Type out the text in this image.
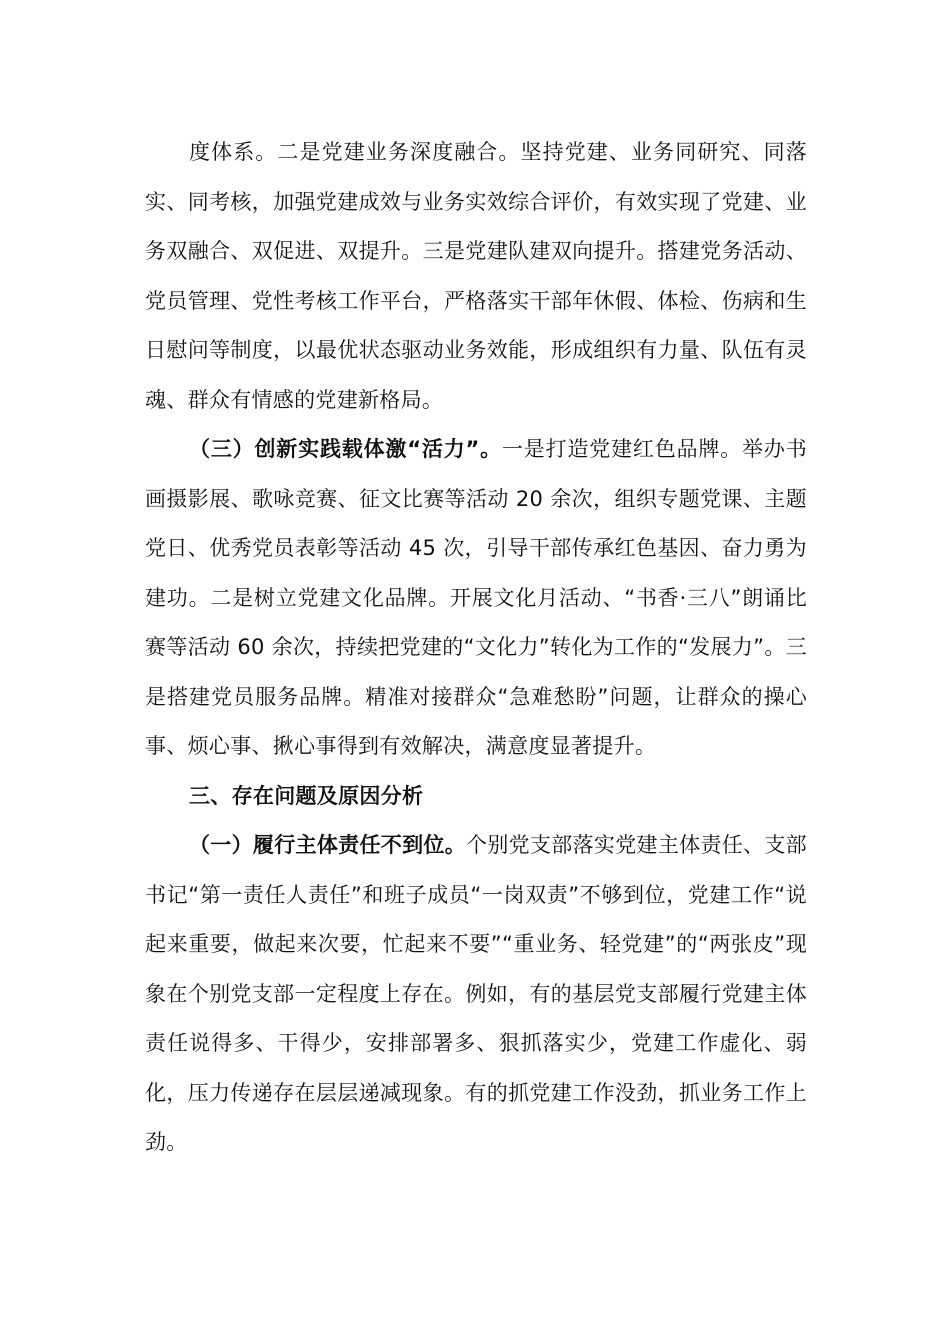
度体系。二是党建业务深度融合。坚持党建、业务同研究、同落实、同考核，加强党建成效与业务实效综合评价，有效实现了党建、业务双融合、双促进、双提升。三是党建队建双向提升。搭建党务活动、党员管理、党性考核工作平台，严格落实干部年休假、体检、伤病和生日慰问等制度，以最优状态驱动业务效能，形成组织有力量、队伍有灵魂、群众有情感的党建新格局。

（三）创新实践载体激“活力”。一是打造党建红色品牌。举办书画摄影展、歌咏竞赛、征文比赛等活动 20 余次，组织专题党课、主题党日、优秀党员表彰等活动 45 次，引导干部传承红色基因、奋力勇为建功。二是树立党建文化品牌。开展文化月活动、“书香·三八”朗诵比赛等活动 60 余次，持续把党建的“文化力”转化为工作的“发展力”。三是搭建党员服务品牌。精准对接群众“急难愁盼”问题，让群众的操心事、烦心事、揪心事得到有效解决，满意度显著提升。

三、存在问题及原因分析

（一）履行主体责任不到位。个别党支部落实党建主体责任、支部书记“第一责任人责任”和班子成员“一岗双责”不够到位，党建工作“说起来重要，做起来次要，忙起来不要”“重业务、轻党建”的“两张皮”现象在个别党支部一定程度上存在。例如，有的基层党支部履行党建主体责任说得多、干得少，安排部署多、狠抓落实少，党建工作虚化、弱化，压力传递存在层层递减现象。有的抓党建工作没劲，抓业务工作上劲。
